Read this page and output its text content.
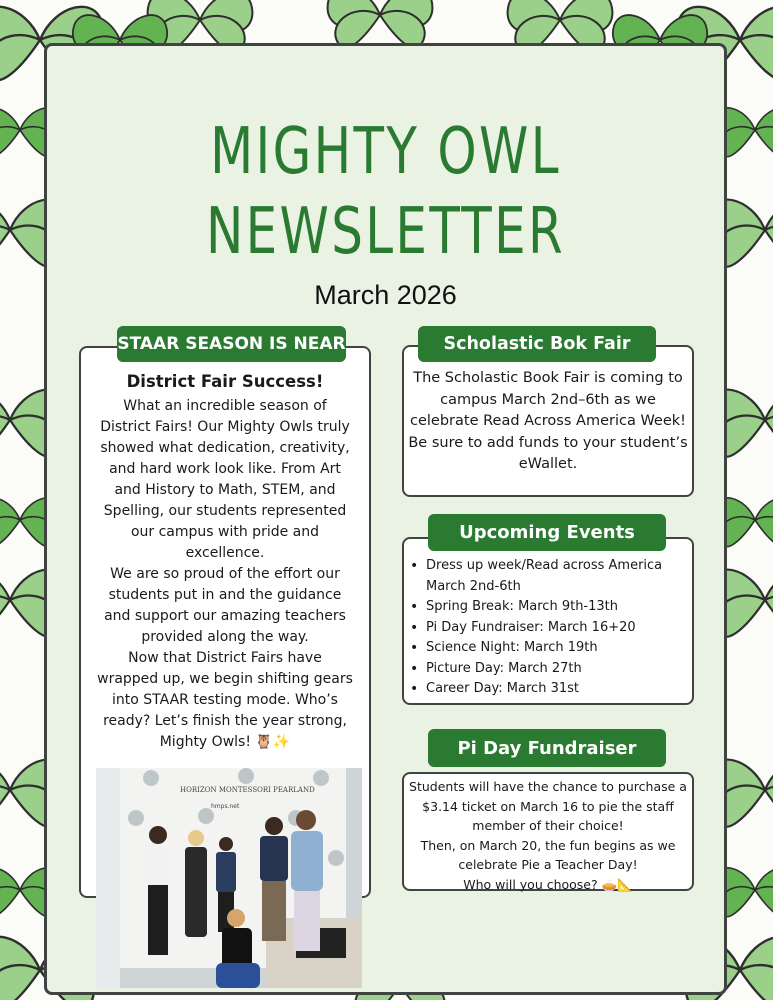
MIGHTY OWL
NEWSLETTER
March 2026
STAAR SEASON IS NEAR
District Fair Success!
What an incredible season of District Fairs! Our Mighty Owls truly showed what dedication, creativity, and hard work look like. From Art and History to Math, STEM, and Spelling, our students represented our campus with pride and excellence.
We are so proud of the effort our students put in and the guidance and support our amazing teachers provided along the way.
Now that District Fairs have wrapped up, we begin shifting gears into STAAR testing mode. Who’s ready? Let’s finish the year strong, Mighty Owls! 🦉✨
HORIZON MONTESSORI PEARLAND
hmps.net
Scholastic Bok Fair
The Scholastic Book Fair is coming to campus March 2nd–6th as we celebrate Read Across America Week!
Be sure to add funds to your student’s eWallet.
Upcoming Events
• Dress up week/Read across America March 2nd-6th
• Spring Break: March 9th-13th
• Pi Day Fundraiser: March 16+20
• Science Night: March 19th
• Picture Day: March 27th
• Career Day: March 31st
Pi Day Fundraiser
Students will have the chance to purchase a $3.14 ticket on March 16 to pie the staff member of their choice!
Then, on March 20, the fun begins as we celebrate Pie a Teacher Day!
Who will you choose? 🥧📐
